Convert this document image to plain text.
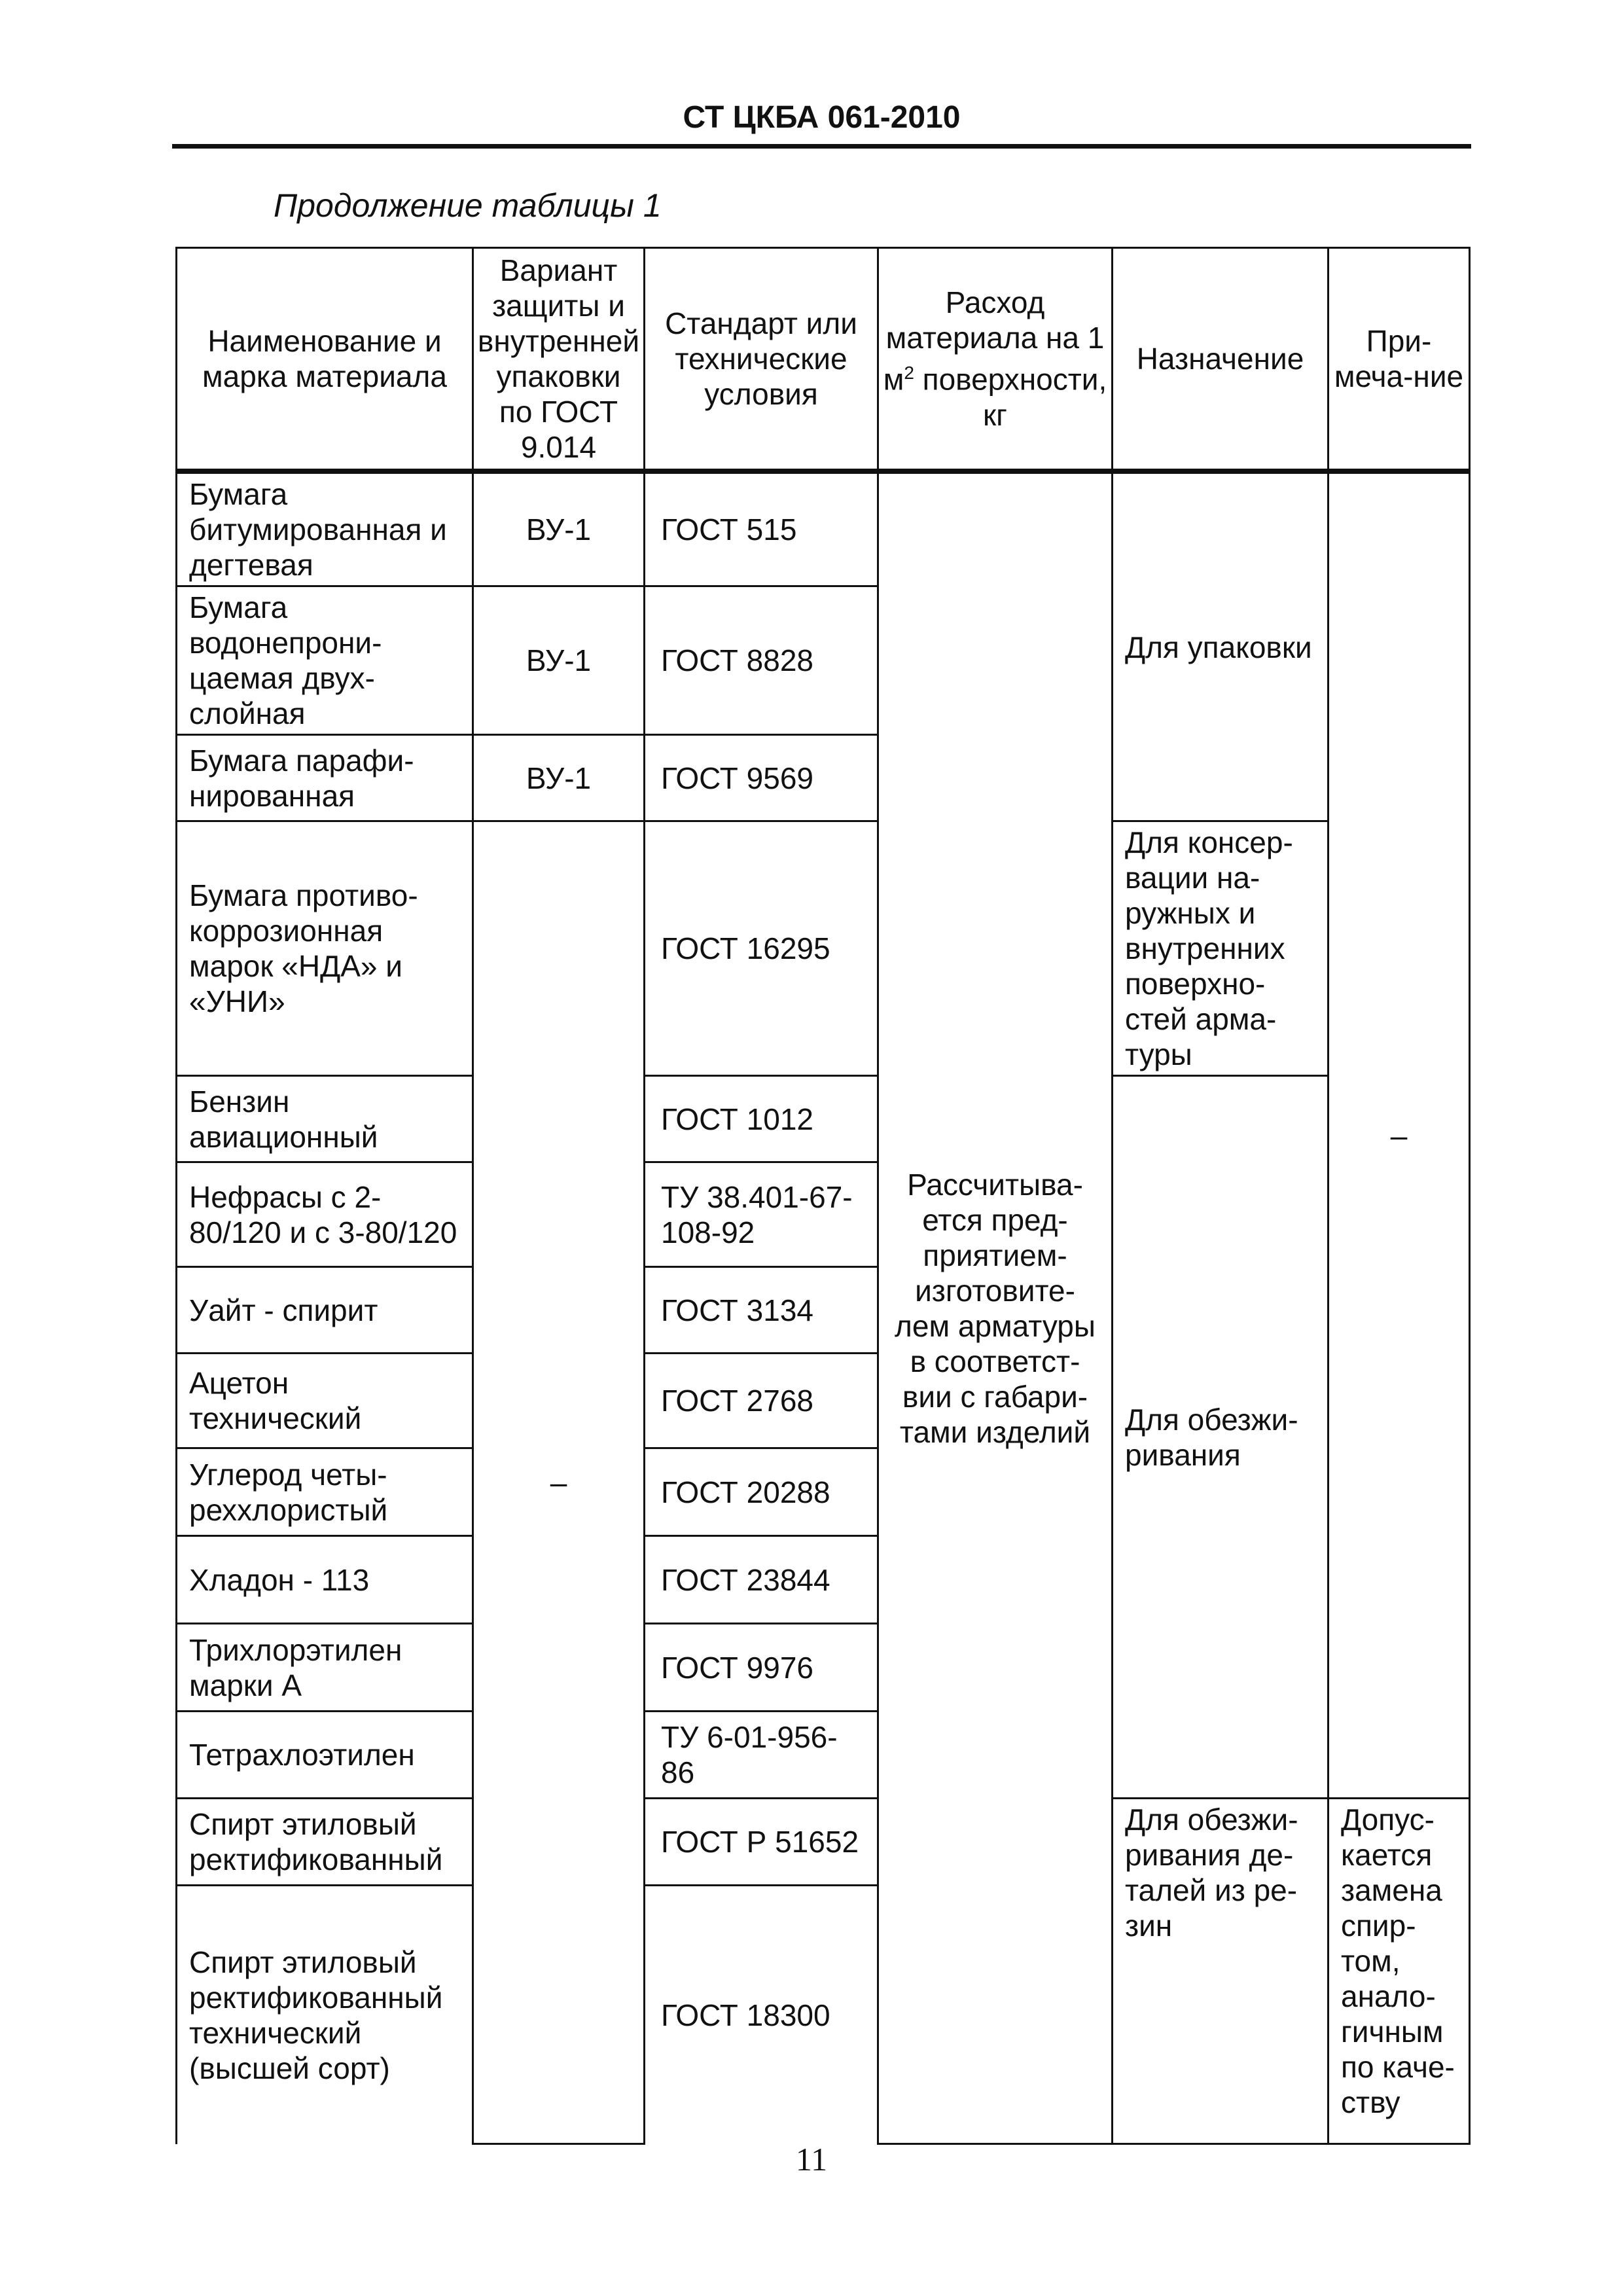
СТ ЦКБА 061-2010
Продолжение таблицы 1
Наименование и марка материала	Вариант защиты и внутренней упаковки по ГОСТ 9.014	Стандарт или технические условия	Расход материала на 1 $м^2$ поверхности, кг	Назначение	При-меча-ние
Бумага битумированная и дегтевая	ВУ-1	ГОСТ 515	Рассчитыва-ется пред-приятием-изготовите-лем арматуры в соответст-вии с габари-тами изделий	Для упаковки	–
Бумага водонепрони-цаемая двух-слойная	ВУ-1	ГОСТ 8828			
Бумага парафи-нированная	ВУ-1	ГОСТ 9569			
Бумага противо-коррозионная марок «НДА» и «УНИ»	–	ГОСТ 16295		Для консер-вации на-ружных и внутренних поверхно-стей арма-туры	
Бензин авиационный		ГОСТ 1012		Для обезжи-ривания	
Нефрасы с 2-80/120 и с 3-80/120		ТУ 38.401-67-108-92			
Уайт - спирит		ГОСТ 3134			
Ацетон технический		ГОСТ 2768			
Углерод четы-реххлористый		ГОСТ 20288			
Хладон - 113		ГОСТ 23844			
Трихлорэтилен марки А		ГОСТ 9976			
Тетрахлоэтилен		ТУ 6-01-956-86			
Спирт этиловый ректификованный		ГОСТ Р 51652		Для обезжи-ривания де-талей из ре-зин	Допус-кается замена спир-том, анало-гичным по каче-ству
Спирт этиловый ректификованный технический (высшей сорт)		ГОСТ 18300			
11
